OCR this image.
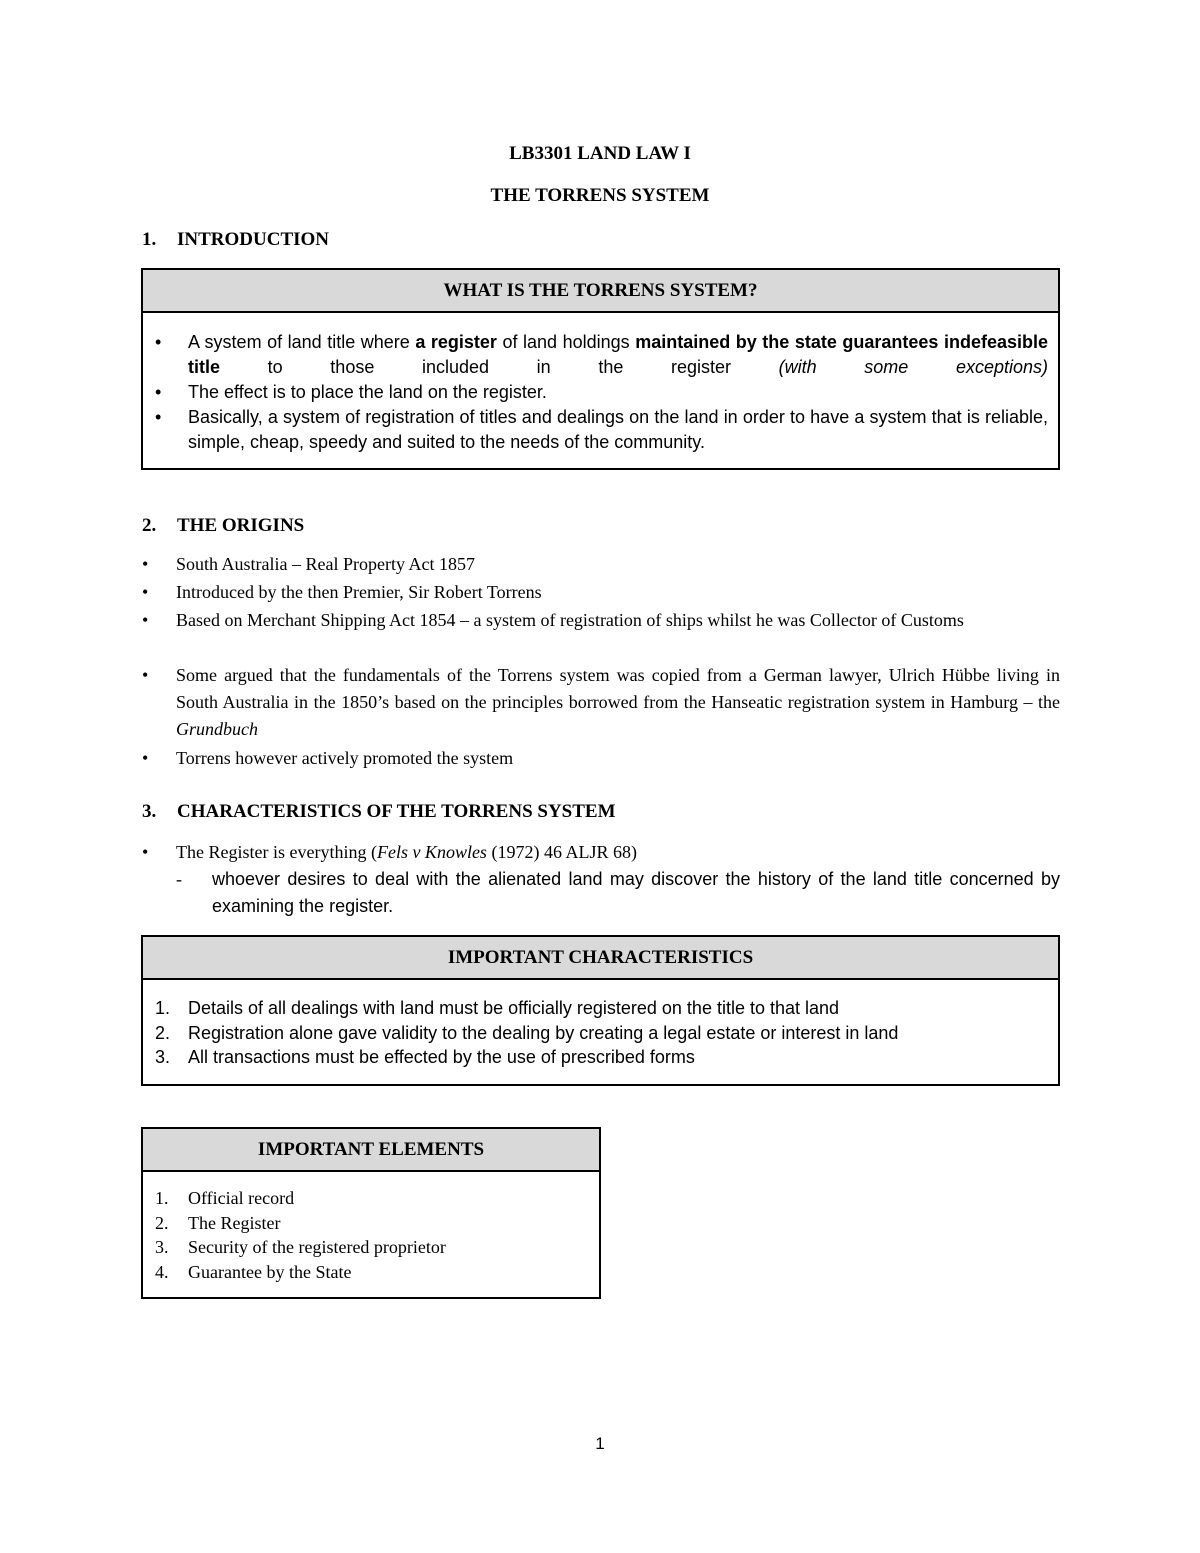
LB3301 LAND LAW I
THE TORRENS SYSTEM
1. INTRODUCTION
WHAT IS THE TORRENS SYSTEM?
• A system of land title where a register of land holdings maintained by the state guarantees indefeasible title to those included in the register (with some exceptions)
• The effect is to place the land on the register.
• Basically, a system of registration of titles and dealings on the land in order to have a system that is reliable, simple, cheap, speedy and suited to the needs of the community.
2. THE ORIGINS
• South Australia – Real Property Act 1857
• Introduced by the then Premier, Sir Robert Torrens
• Based on Merchant Shipping Act 1854 – a system of registration of ships whilst he was Collector of Customs
• Some argued that the fundamentals of the Torrens system was copied from a German lawyer, Ulrich Hübbe living in South Australia in the 1850’s based on the principles borrowed from the Hanseatic registration system in Hamburg – the Grundbuch
• Torrens however actively promoted the system
3. CHARACTERISTICS OF THE TORRENS SYSTEM
• The Register is everything (Fels v Knowles (1972) 46 ALJR 68)
- whoever desires to deal with the alienated land may discover the history of the land title concerned by examining the register.
IMPORTANT CHARACTERISTICS
1. Details of all dealings with land must be officially registered on the title to that land
2. Registration alone gave validity to the dealing by creating a legal estate or interest in land
3. All transactions must be effected by the use of prescribed forms
IMPORTANT ELEMENTS
1. Official record
2. The Register
3. Security of the registered proprietor
4. Guarantee by the State
1
